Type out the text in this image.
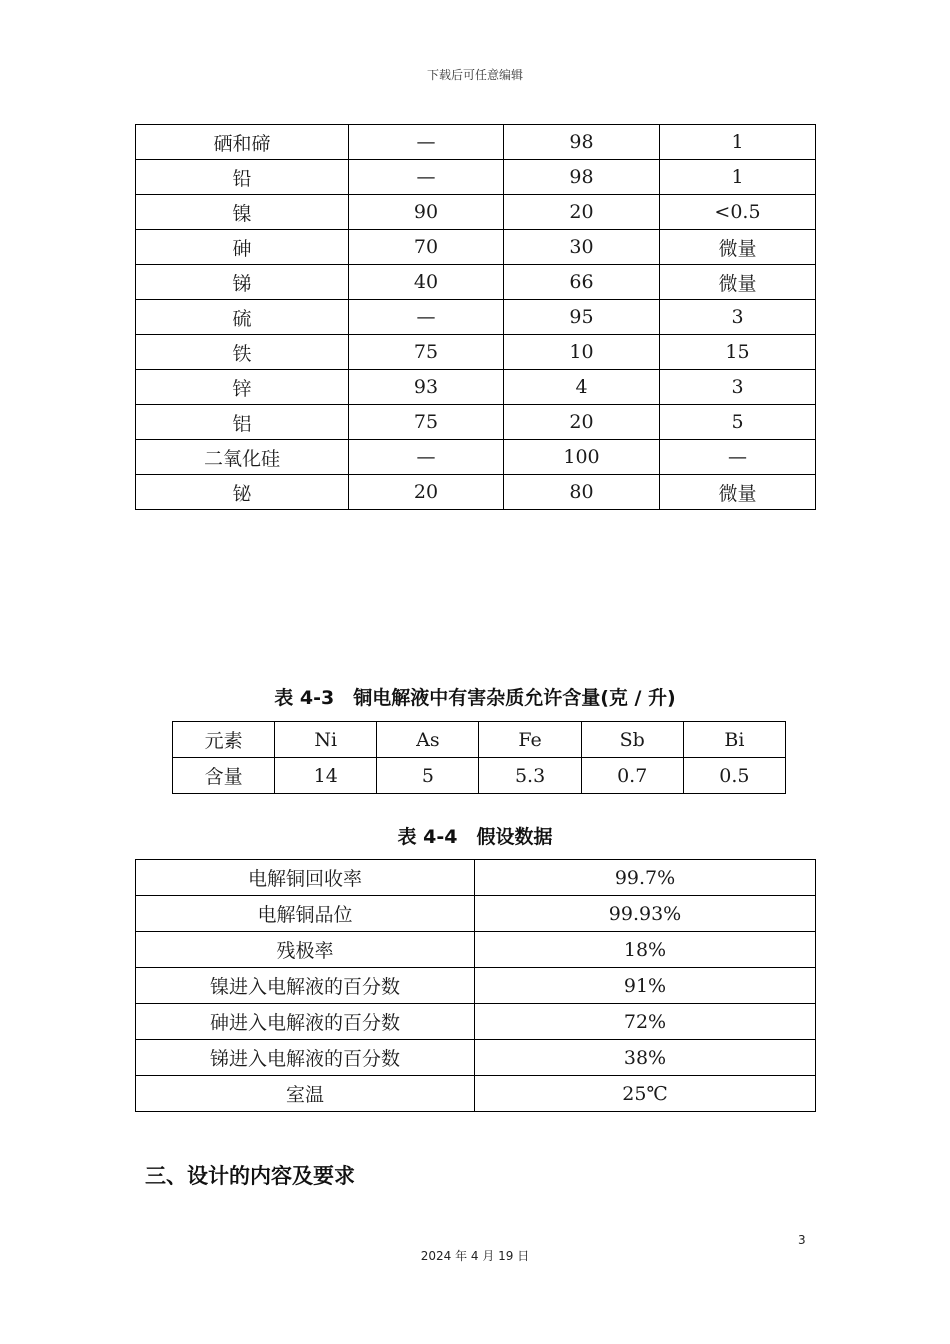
下载后可任意编辑
硒和碲	—	98	1
铅	—	98	1
镍	90	20	<0.5
砷	70	30	微量
锑	40	66	微量
硫	—	95	3
铁	75	10	15
锌	93	4	3
铝	75	20	5
二氧化硅	—	100	—
铋	20	80	微量
表 4-3　铜电解液中有害杂质允许含量(克 / 升)
元素	Ni	As	Fe	Sb	Bi
含量	14	5	5.3	0.7	0.5
表 4-4　假设数据
电解铜回收率	99.7%
电解铜品位	99.93%
残极率	18%
镍进入电解液的百分数	91%
砷进入电解液的百分数	72%
锑进入电解液的百分数	38%
室温	25℃
三、设计的内容及要求
3
2024 年 4 月 19 日
